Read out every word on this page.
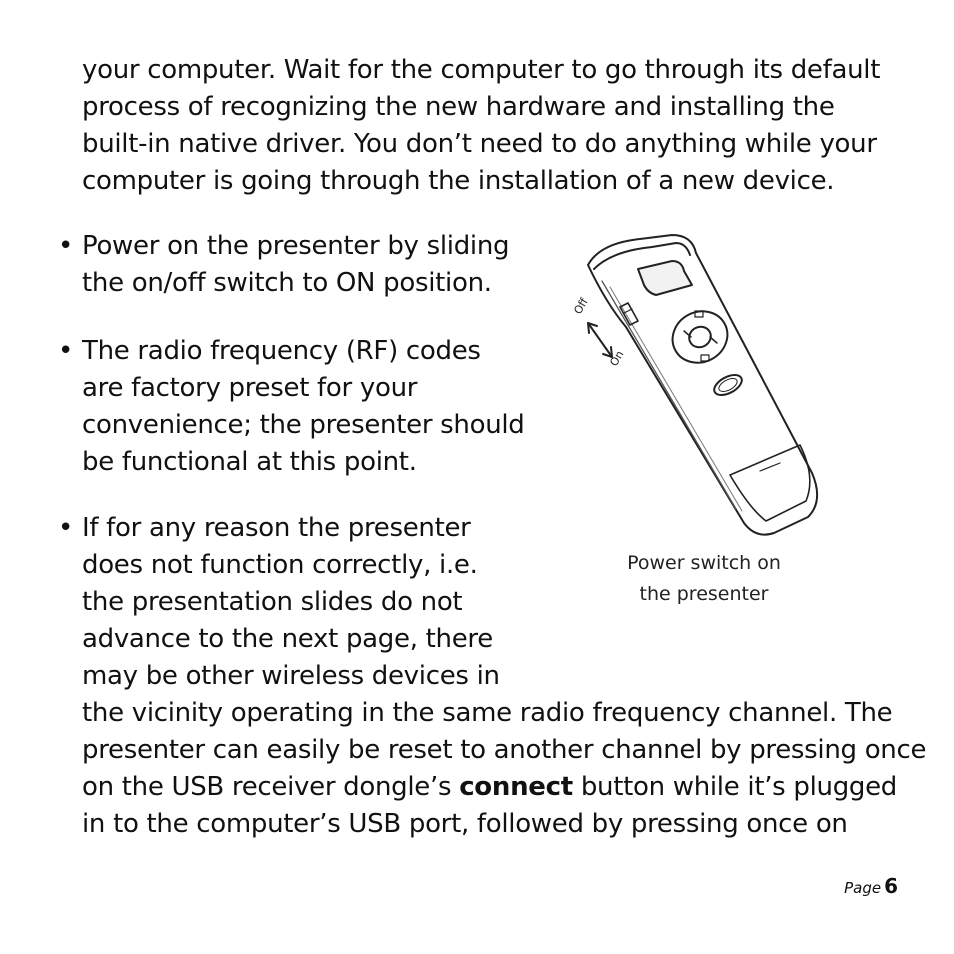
your computer. Wait for the computer to go through its default
process of recognizing the new hardware and installing the
built-in native driver. You don’t need to do anything while your
computer is going through the installation of a new device.
• Power on the presenter by sliding
the on/off switch to ON position.
• The radio frequency (RF) codes
are factory preset for your
convenience; the presenter should
be functional at this point.
• If for any reason the presenter
does not function correctly, i.e.
the presentation slides do not
advance to the next page, there
may be other wireless devices in
the vicinity operating in the same radio frequency channel. The
presenter can easily be reset to another channel by pressing once
on the USB receiver dongle’s connect button while it’s plugged
in to the computer’s USB port, followed by pressing once on
Off
On
Power switch on
the presenter
Page 6
